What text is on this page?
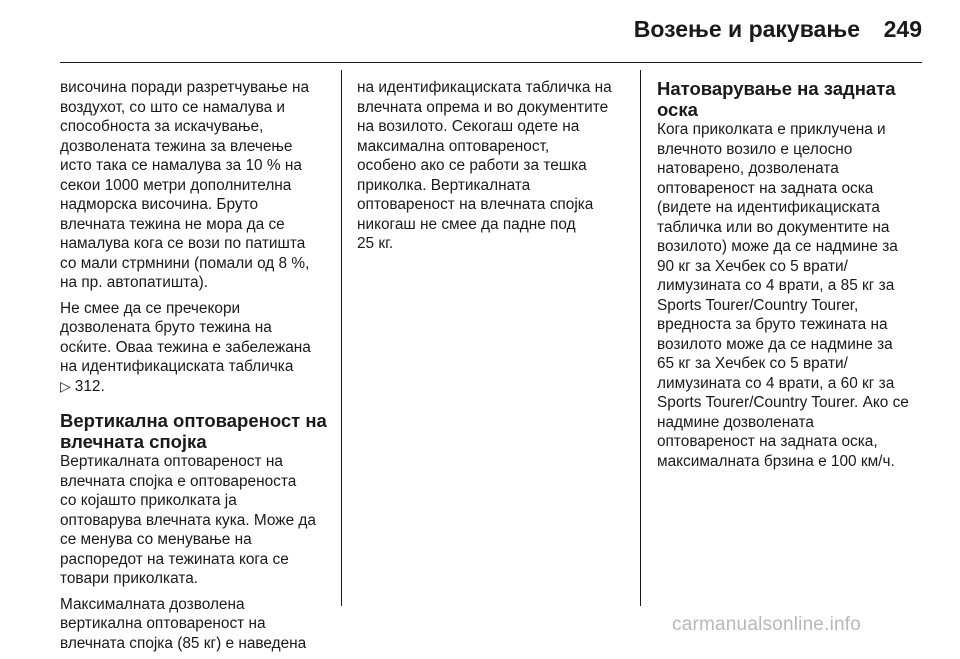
Возење и ракување	249

височина поради разретчување на
воздухот, со што се намалува и
способноста за искачување,
дозволената тежина за влечење
исто така се намалува за 10 % на
секои 1000 метри дополнителна
надморска височина. Бруто
влечната тежина не мора да се
намалува кога се вози по патишта
со мали стрмнини (помали од 8 %,
на пр. автопатишта).

Не смее да се пречекори
дозволената бруто тежина на
осќите. Оваа тежина е забележана
на идентификациската табличка
▷ 312.

Вертикална оптовареност на
влечната спојка

Вертикалната оптовареност на
влечната спојка е оптовареноста
со којашто приколката ја
оптоварува влечната кука. Може да
се менува со менување на
распоредот на тежината кога се
товари приколката.

Максималната дозволена
вертикална оптовареност на
влечната спојка (85 кг) е наведена

на идентификациската табличка на
влечната опрема и во документите
на возилото. Секогаш одете на
максимална оптовареност,
особено ако се работи за тешка
приколка. Вертикалната
оптовареност на влечната спојка
никогаш не смее да падне под
25 кг.

Натоварување на задната
оска

Кога приколката е приклучена и
влечното возило е целосно
натоварено, дозволената
оптовареност на задната оска
(видете на идентификациската
табличка или во документите на
возилото) може да се надмине за
90 кг за Хечбек со 5 врати/
лимузината со 4 врати, а 85 кг за
Sports Tourer/Country Tourer,
вредноста за бруто тежината на
возилото може да се надмине за
65 кг за Хечбек со 5 врати/
лимузината со 4 врати, а 60 кг за
Sports Tourer/Country Tourer. Ако се
надмине дозволената
оптовареност на задната оска,
максималната брзина е 100 км/ч.

carmanualsonline.info
